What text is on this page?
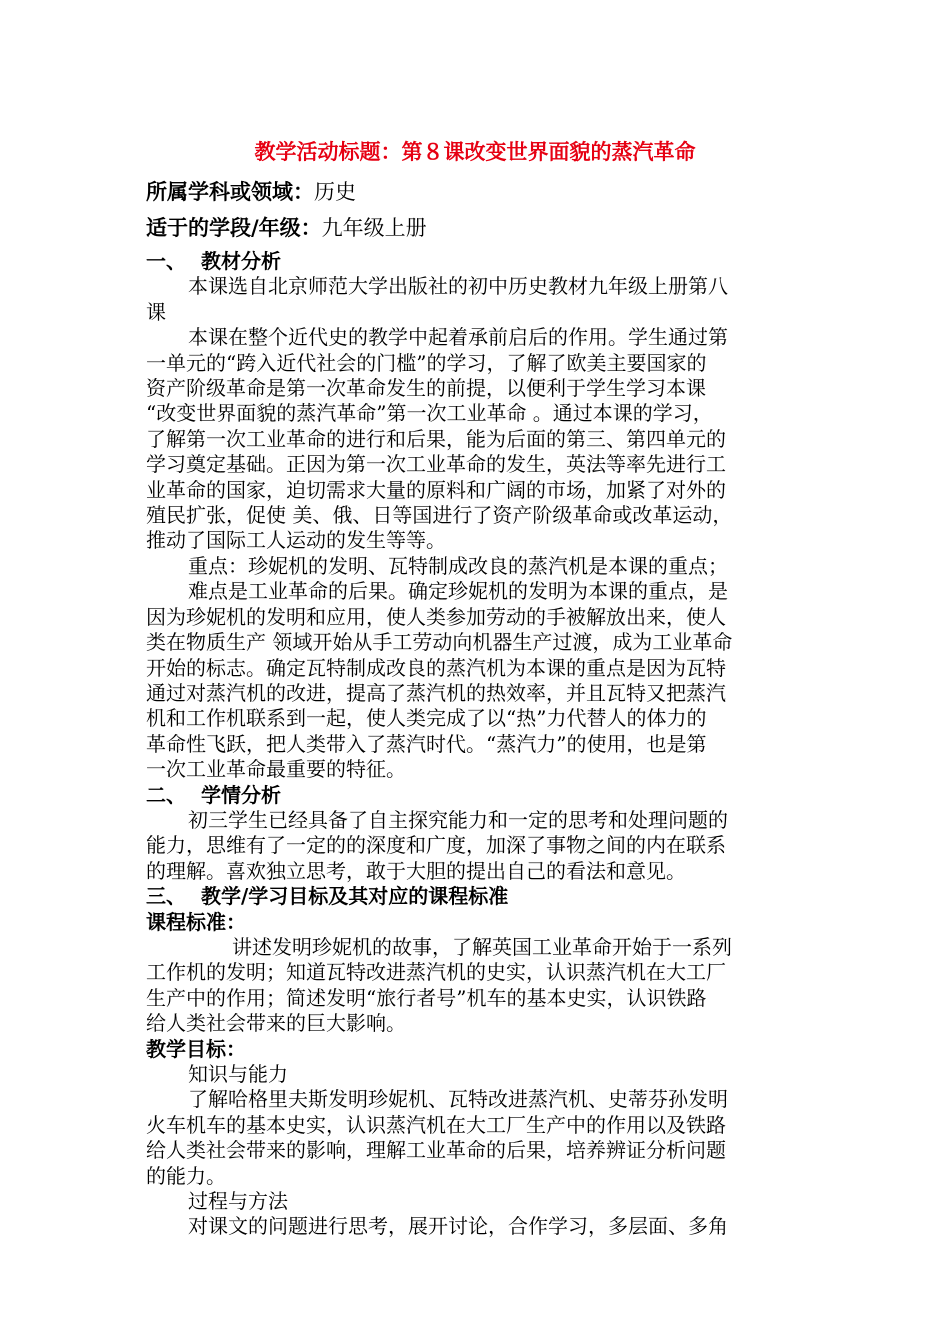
教学活动标题：第８课改变世界面貌的蒸汽革命
所属学科或领域：历史
适于的学段/年级：九年级上册
一、 教材分析
本课选自北京师范大学出版社的初中历史教材九年级上册第八
课
本课在整个近代史的教学中起着承前启后的作用。学生通过第
一单元的“跨入近代社会的门槛”的学习，了解了欧美主要国家的
资产阶级革命是第一次革命发生的前提，以便利于学生学习本课
“改变世界面貌的蒸汽革命”第一次工业革命 。通过本课的学习，
了解第一次工业革命的进行和后果，能为后面的第三、第四单元的
学习奠定基础。正因为第一次工业革命的发生，英法等率先进行工
业革命的国家，迫切需求大量的原料和广阔的市场，加紧了对外的
殖民扩张，促使 美、俄、日等国进行了资产阶级革命或改革运动，
推动了国际工人运动的发生等等。
重点：珍妮机的发明、瓦特制成改良的蒸汽机是本课的重点；
难点是工业革命的后果。确定珍妮机的发明为本课的重点，是
因为珍妮机的发明和应用，使人类参加劳动的手被解放出来，使人
类在物质生产 领域开始从手工劳动向机器生产过渡，成为工业革命
开始的标志。确定瓦特制成改良的蒸汽机为本课的重点是因为瓦特
通过对蒸汽机的改进，提高了蒸汽机的热效率，并且瓦特又把蒸汽
机和工作机联系到一起，使人类完成了以“热”力代替人的体力的
革命性飞跃，把人类带入了蒸汽时代。“蒸汽力”的使用，也是第
一次工业革命最重要的特征。
二、 学情分析
初三学生已经具备了自主探究能力和一定的思考和处理问题的
能力，思维有了一定的的深度和广度，加深了事物之间的内在联系
的理解。喜欢独立思考，敢于大胆的提出自己的看法和意见。
三、 教学/学习目标及其对应的课程标准
课程标准：
讲述发明珍妮机的故事，了解英国工业革命开始于一系列
工作机的发明；知道瓦特改进蒸汽机的史实，认识蒸汽机在大工厂
生产中的作用；简述发明“旅行者号”机车的基本史实，认识铁路
给人类社会带来的巨大影响。
教学目标：
知识与能力
了解哈格里夫斯发明珍妮机、瓦特改进蒸汽机、史蒂芬孙发明
火车机车的基本史实，认识蒸汽机在大工厂生产中的作用以及铁路
给人类社会带来的影响，理解工业革命的后果，培养辨证分析问题
的能力。
过程与方法
对课文的问题进行思考，展开讨论，合作学习，多层面、多角
